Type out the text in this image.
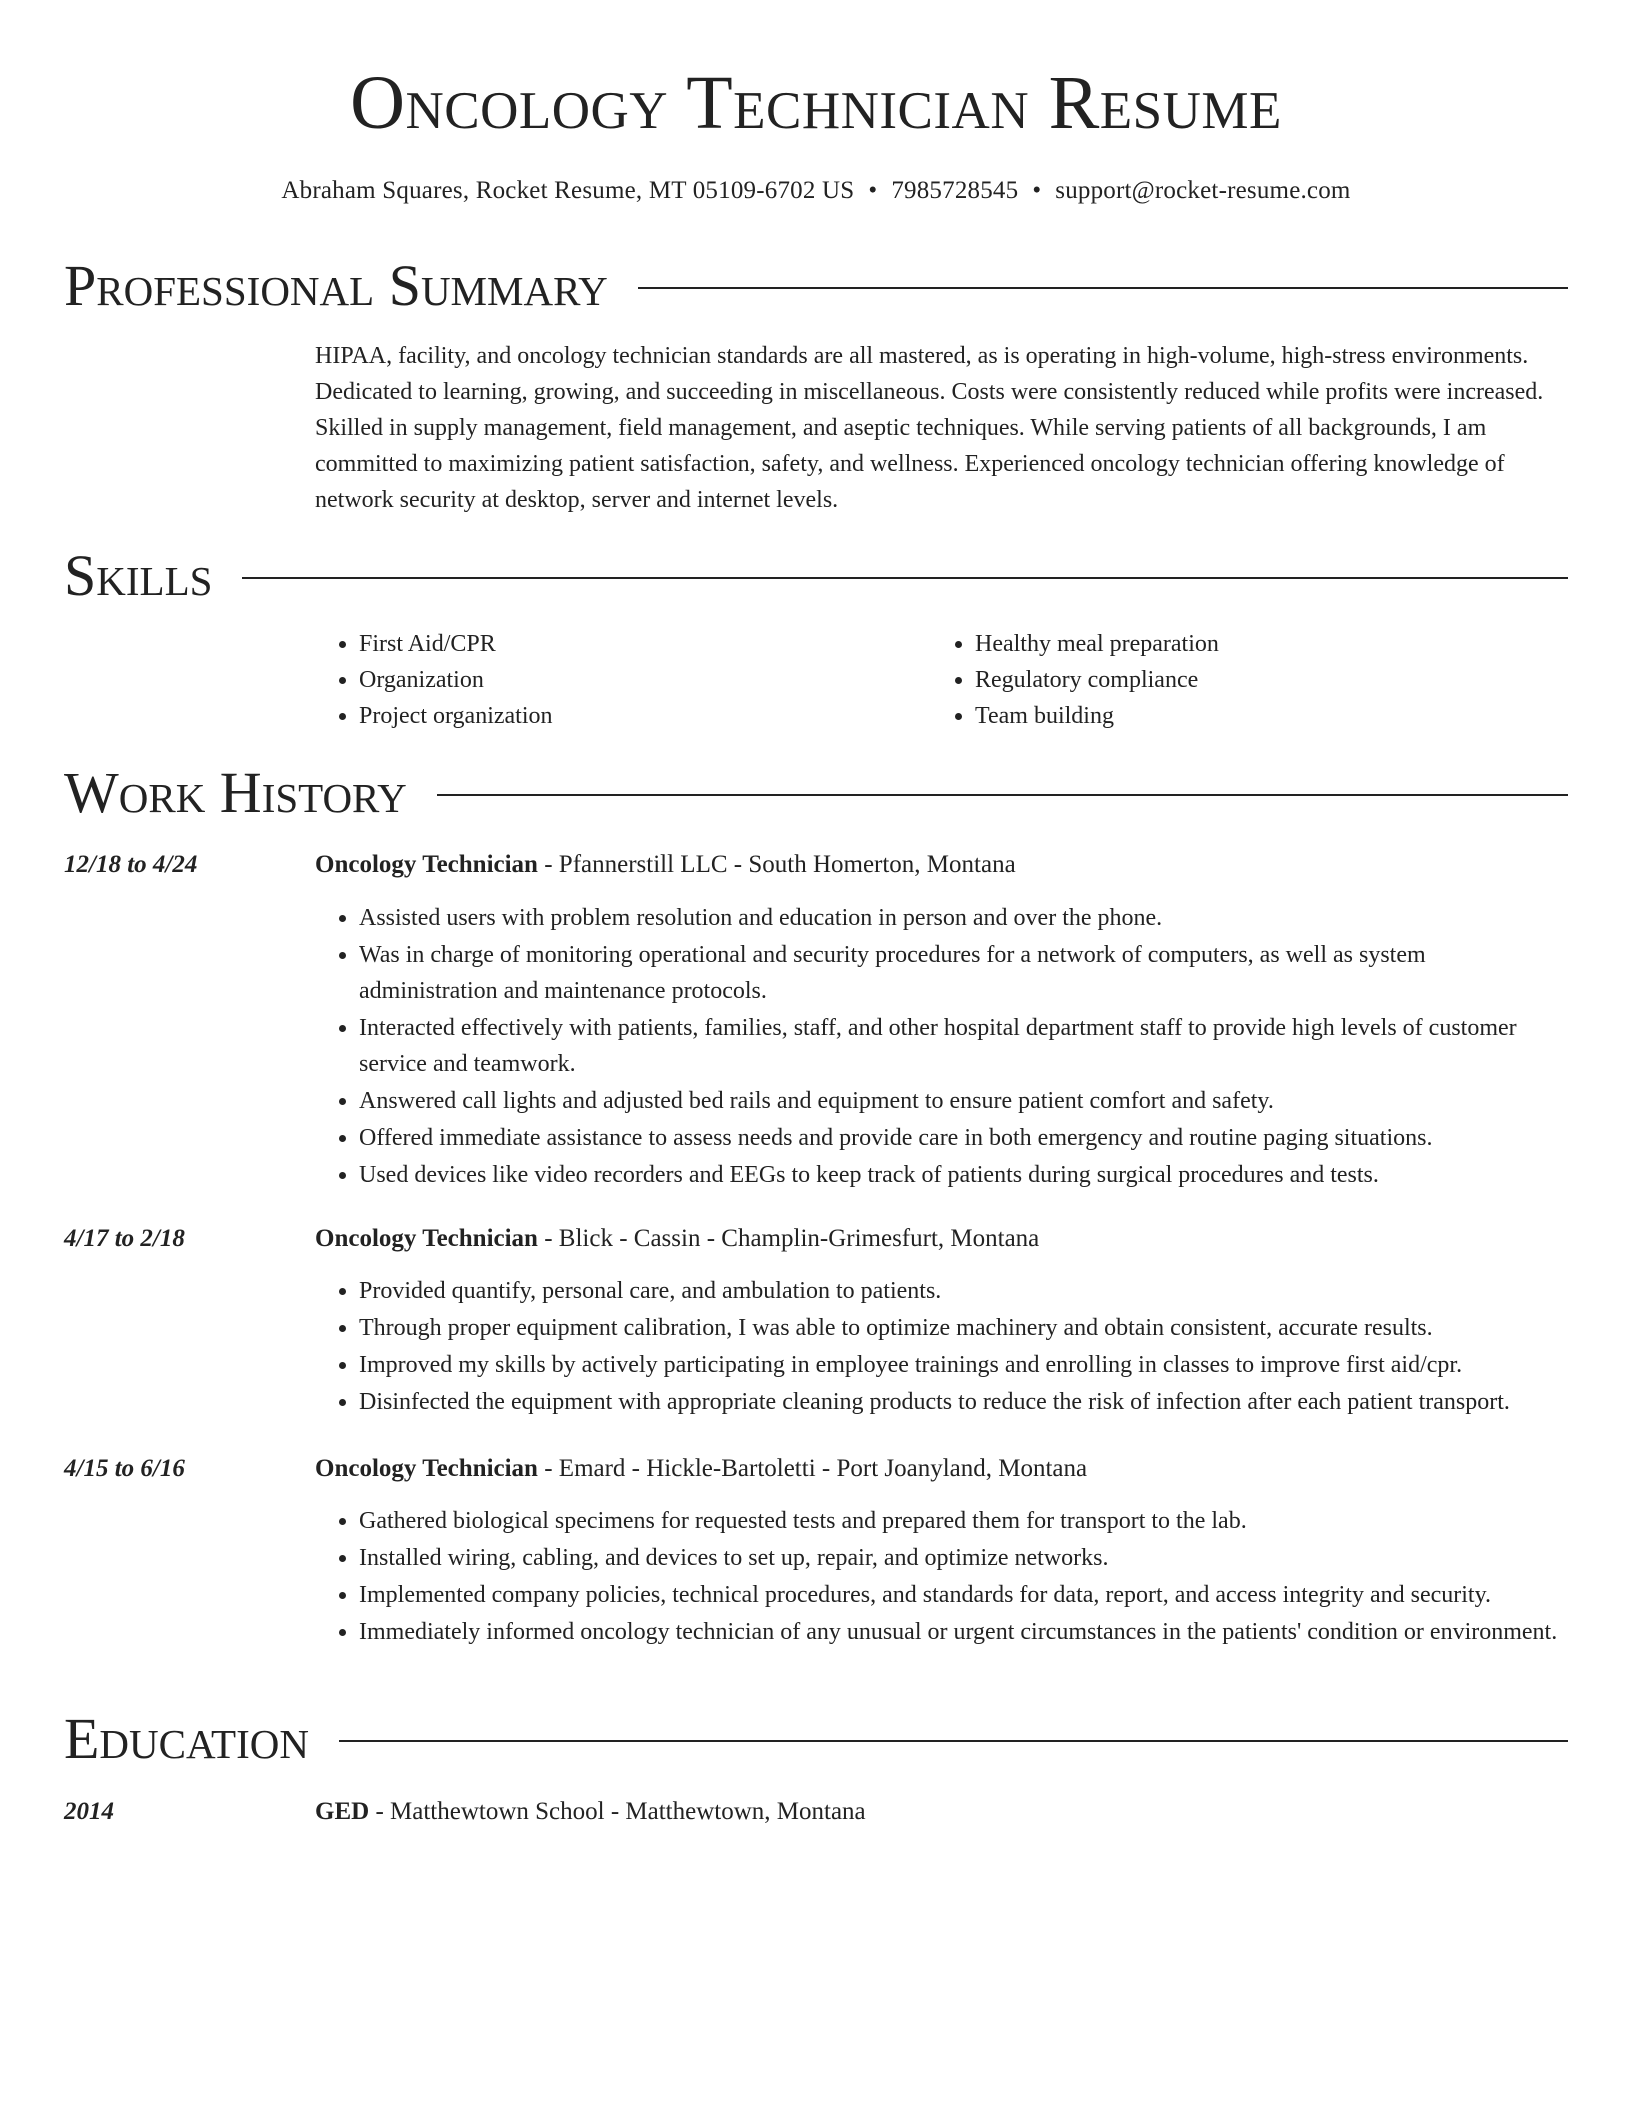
Oncology Technician Resume
Abraham Squares, Rocket Resume, MT 05109-6702 US • 7985728545 • support@rocket-resume.com
Professional Summary

HIPAA, facility, and oncology technician standards are all mastered, as is operating in high-volume, high-stress environments. Dedicated to learning, growing, and succeeding in miscellaneous. Costs were consistently reduced while profits were increased. Skilled in supply management, field management, and aseptic techniques. While serving patients of all backgrounds, I am committed to maximizing patient satisfaction, safety, and wellness. Experienced oncology technician offering knowledge of network security at desktop, server and internet levels.

Skills
• First Aid/CPR
• Organization
• Project organization
• Healthy meal preparation
• Regulatory compliance
• Team building
Work History
12/18 to 4/24	Oncology Technician - Pfannerstill LLC - South Homerton, Montana
• Assisted users with problem resolution and education in person and over the phone.
• Was in charge of monitoring operational and security procedures for a network of computers, as well as system administration and maintenance protocols.
• Interacted effectively with patients, families, staff, and other hospital department staff to provide high levels of customer service and teamwork.
• Answered call lights and adjusted bed rails and equipment to ensure patient comfort and safety.
• Offered immediate assistance to assess needs and provide care in both emergency and routine paging situations.
• Used devices like video recorders and EEGs to keep track of patients during surgical procedures and tests.
4/17 to 2/18	Oncology Technician - Blick - Cassin - Champlin-Grimesfurt, Montana
• Provided quantify, personal care, and ambulation to patients.
• Through proper equipment calibration, I was able to optimize machinery and obtain consistent, accurate results.
• Improved my skills by actively participating in employee trainings and enrolling in classes to improve first aid/cpr.
• Disinfected the equipment with appropriate cleaning products to reduce the risk of infection after each patient transport.
4/15 to 6/16	Oncology Technician - Emard - Hickle-Bartoletti - Port Joanyland, Montana
• Gathered biological specimens for requested tests and prepared them for transport to the lab.
• Installed wiring, cabling, and devices to set up, repair, and optimize networks.
• Implemented company policies, technical procedures, and standards for data, report, and access integrity and security.
• Immediately informed oncology technician of any unusual or urgent circumstances in the patients' condition or environment.
Education
2014	GED - Matthewtown School - Matthewtown, Montana
